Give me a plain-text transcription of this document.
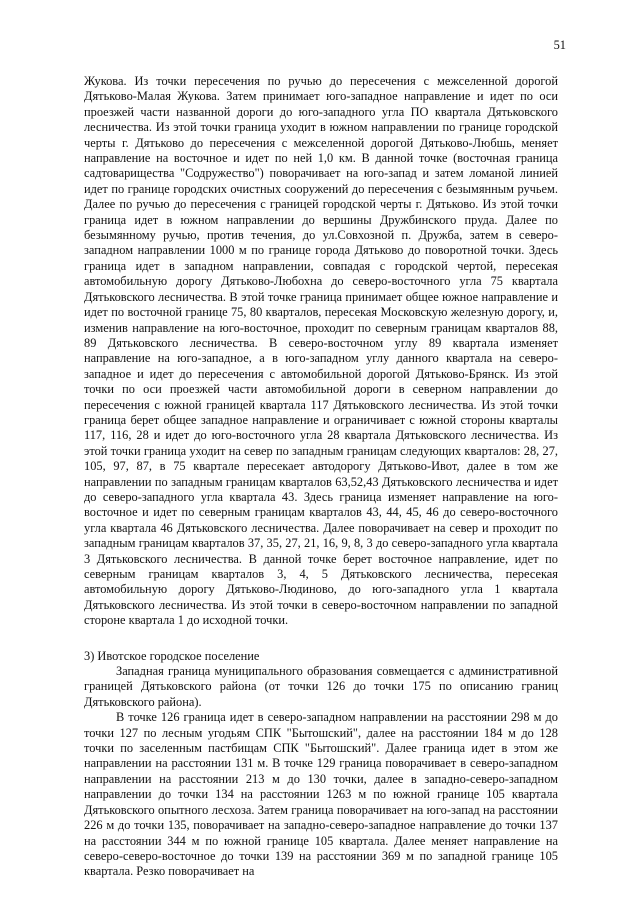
51

Жукова. Из точки пересечения по ручью до пересечения с межселенной дорогой Дятьково-Малая Жукова. Затем принимает юго-западное направление и идет по оси проезжей части названной дороги до юго-западного угла ПО квартала Дятьковского лесничества. Из этой точки граница уходит в южном направлении по границе городской черты г. Дятьково до пересечения с межселенной дорогой Дятьково-Любшь, меняет направление на восточное и идет по ней 1,0 км. В данной точке (восточная граница садтоварищества "Содружество") поворачивает на юго-запад и затем ломаной линией идет по границе городских очистных сооружений до пересечения с безымянным ручьем. Далее по ручью до пересечения с границей городской черты г. Дятьково. Из этой точки граница идет в южном направлении до вершины Дружбинского пруда. Далее по безымянному ручью, против течения, до ул.Совхозной п. Дружба, затем в северо-западном направлении 1000 м по границе города Дятьково до поворотной точки. Здесь граница идет в западном направлении, совпадая с городской чертой, пересекая автомобильную дорогу Дятьково-Любохна до северо-восточного угла 75 квартала Дятьковского лесничества. В этой точке граница принимает общее южное направление и идет по восточной границе 75, 80 кварталов, пересекая Московскую железную дорогу, и, изменив направление на юго-восточное, проходит по северным границам кварталов 88, 89 Дятьковского лесничества. В северо-восточном углу 89 квартала изменяет направление на юго-западное, а в юго-западном углу данного квартала на северо-западное и идет до пересечения с автомобильной дорогой Дятьково-Брянск. Из этой точки по оси проезжей части автомобильной дороги в северном направлении до пересечения с южной границей квартала 117 Дятьковского лесничества. Из этой точки граница берет общее западное направление и ограничивает с южной стороны кварталы 117, 116, 28 и идет до юго-восточного угла 28 квартала Дятьковского лесничества. Из этой точки граница уходит на север по западным границам следующих кварталов: 28, 27, 105, 97, 87, в 75 квартале пересекает автодорогу Дятьково-Ивот, далее в том же направлении по западным границам кварталов 63,52,43 Дятьковского лесничества и идет до северо-западного угла квартала 43. Здесь граница изменяет направление на юго-восточное и идет по северным границам кварталов 43, 44, 45, 46 до северо-восточного угла квартала 46 Дятьковского лесничества. Далее поворачивает на север и проходит по западным границам кварталов 37, 35, 27, 21, 16, 9, 8, 3 до северо-западного угла квартала 3 Дятьковского лесничества. В данной точке берет восточное направление, идет по северным границам кварталов 3, 4, 5 Дятьковского лесничества, пересекая автомобильную дорогу Дятьково-Людиново, до юго-западного угла 1 квартала Дятьковского лесничества. Из этой точки в северо-восточном направлении по западной стороне квартала 1 до исходной точки.

3) Ивотское городское поселение

Западная граница муниципального образования совмещается с административной границей Дятьковского района (от точки 126 до точки 175 по описанию границ Дятьковского района).

В точке 126 граница идет в северо-западном направлении на расстоянии 298 м до точки 127 по лесным угодьям СПК "Бытошский", далее на расстоянии 184 м до 128 точки по заселенным пастбищам СПК "Бытошский". Далее граница идет в этом же направлении на расстоянии 131 м. В точке 129 граница поворачивает в северо-западном направлении на расстоянии 213 м до 130 точки, далее в западно-северо-западном направлении до точки 134 на расстоянии 1263 м по южной границе 105 квартала Дятьковского опытного лесхоза. Затем граница поворачивает на юго-запад на расстоянии 226 м до точки 135, поворачивает на западно-северо-западное направление до точки 137 на расстоянии 344 м по южной границе 105 квартала. Далее меняет направление на северо-северо-восточное до точки 139 на расстоянии 369 м по западной границе 105 квартала. Резко поворачивает на
